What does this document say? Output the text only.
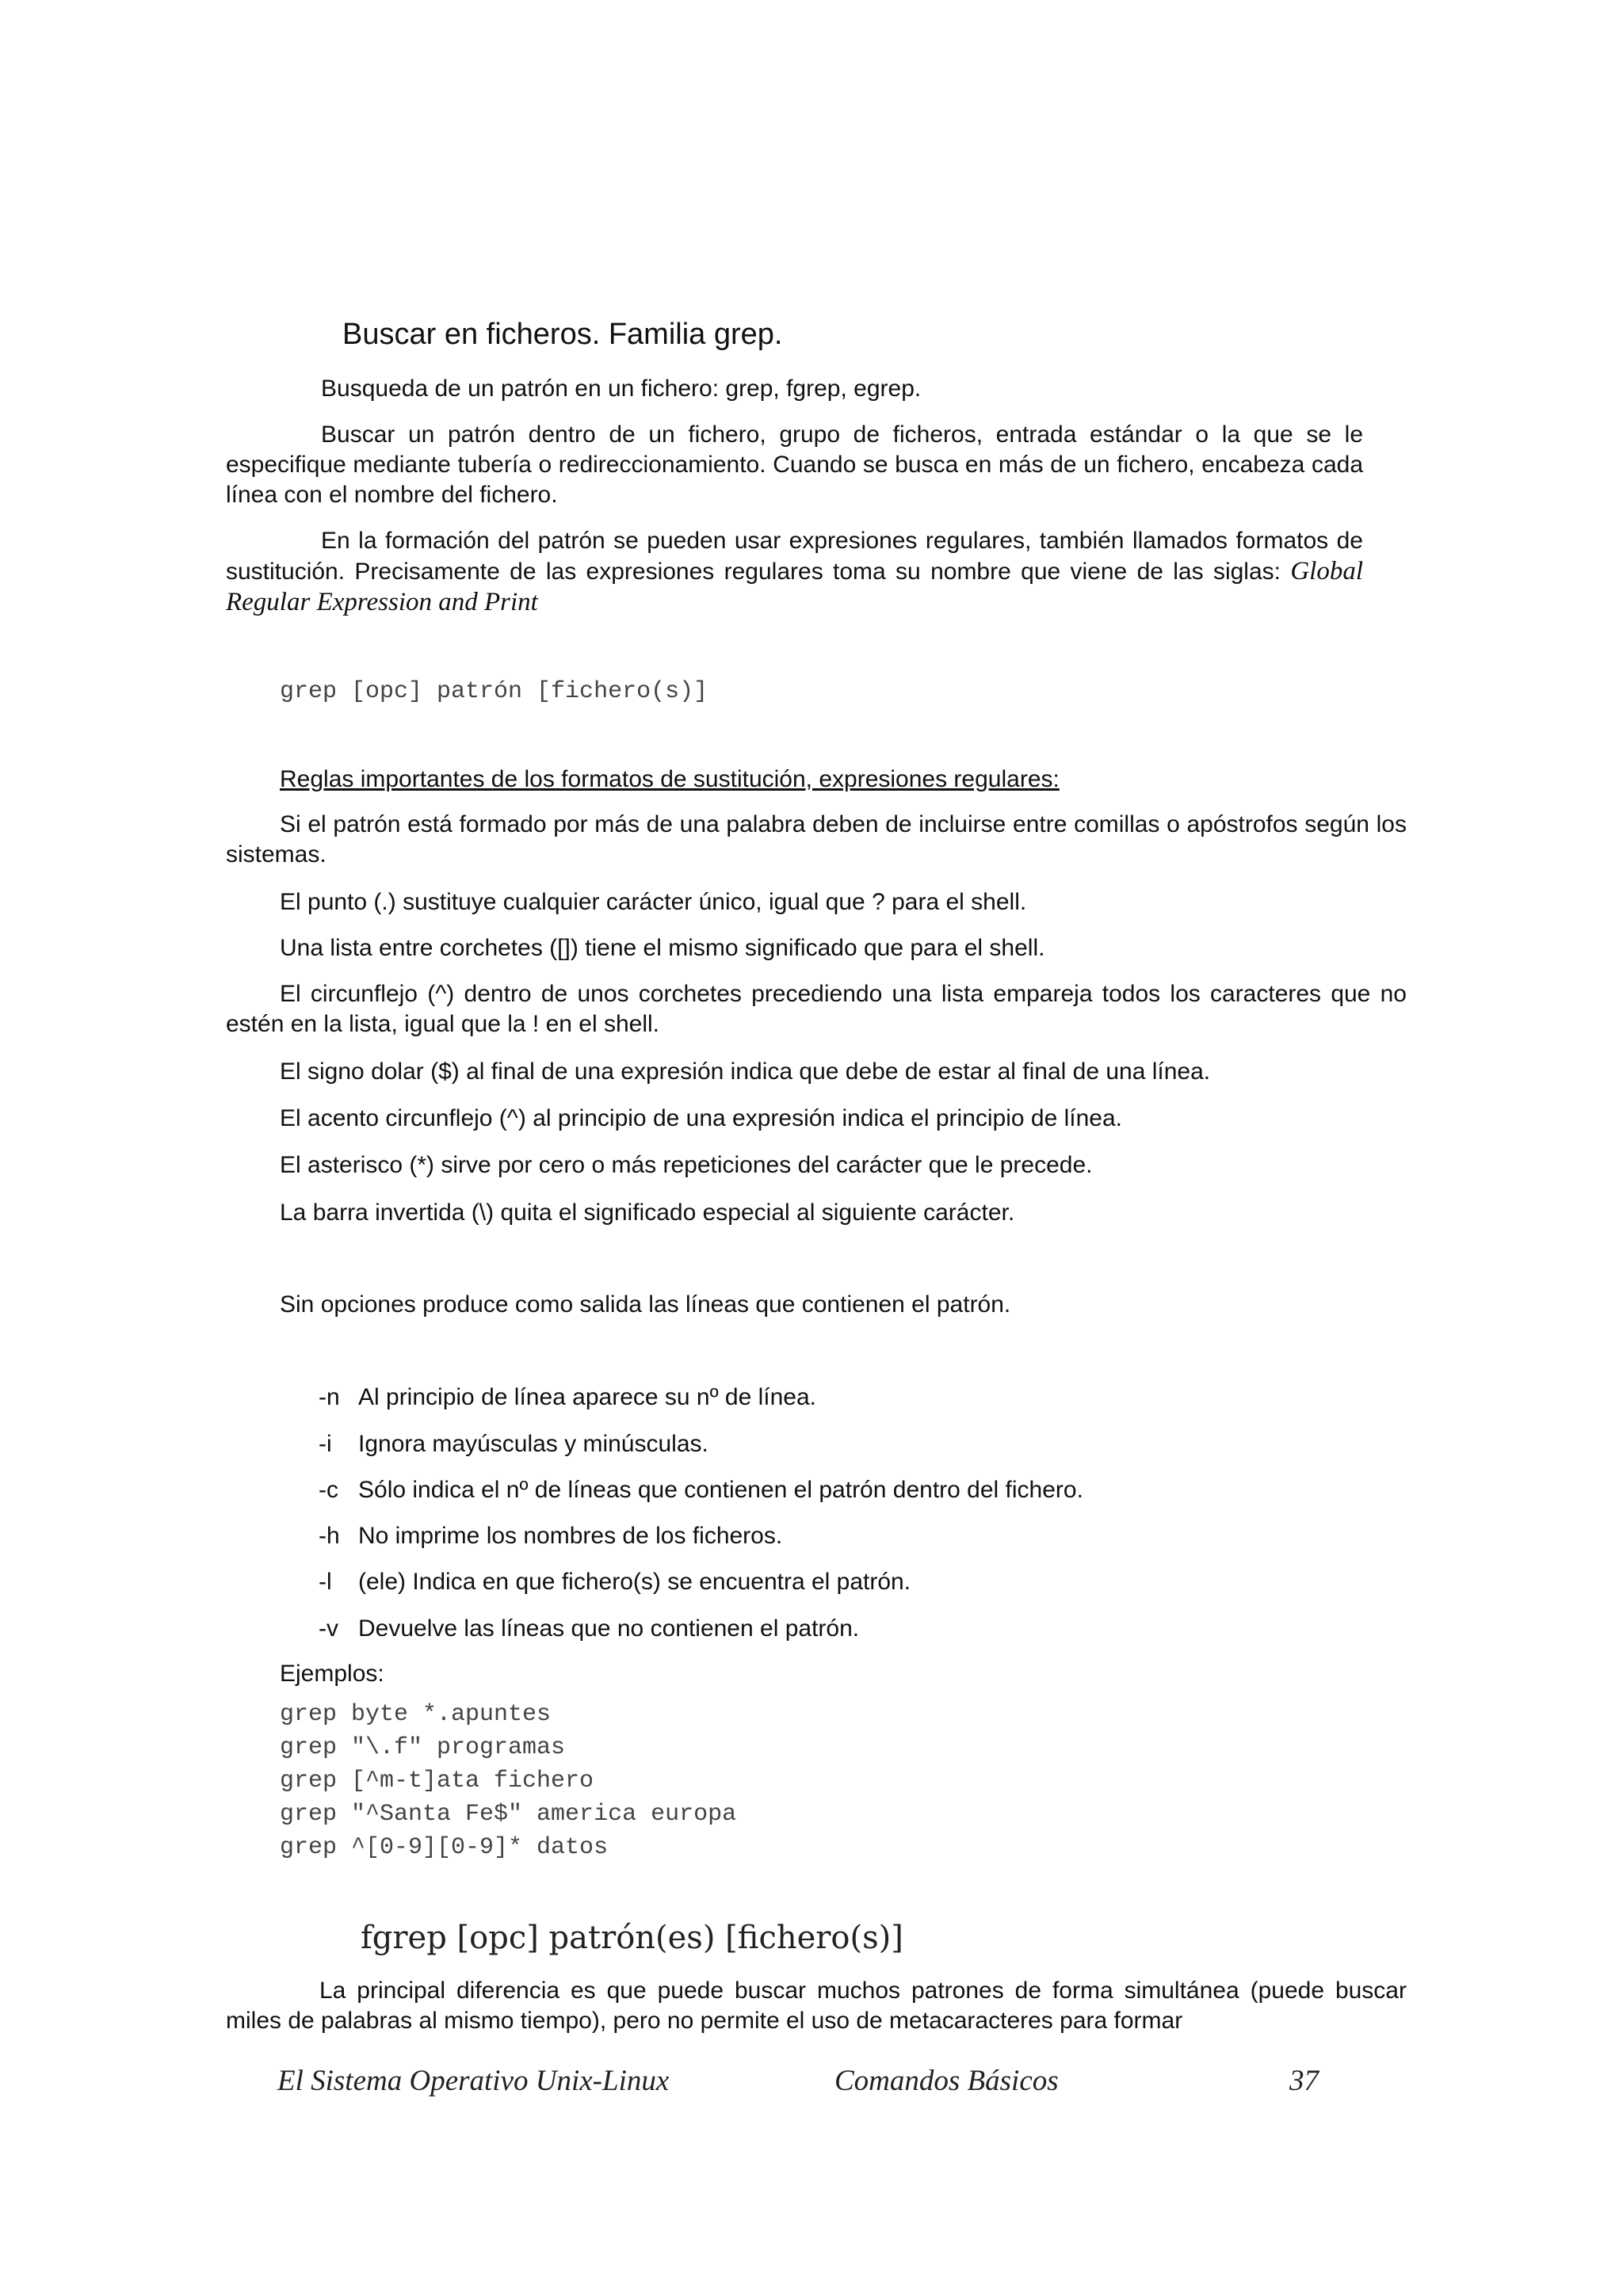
Buscar en ficheros. Familia grep.
Busqueda de un patrón en un fichero: grep, fgrep, egrep.

Buscar un patrón dentro de un fichero, grupo de ficheros, entrada estándar o la que se le especifique mediante tubería o redireccionamiento. Cuando se busca en más de un fichero, encabeza cada línea con el nombre del fichero.

En la formación del patrón se pueden usar expresiones regulares, también llamados formatos de sustitución. Precisamente de las expresiones regulares toma su nombre que viene de las siglas: Global Regular Expression and Print

grep [opc] patrón [fichero(s)]
Reglas importantes de los formatos de sustitución, expresiones regulares:

Si el patrón está formado por más de una palabra deben de incluirse entre comillas o apóstrofos según los sistemas.

El punto (.) sustituye cualquier carácter único, igual que ? para el shell.

Una lista entre corchetes ([]) tiene el mismo significado que para el shell.

El circunflejo (^) dentro de unos corchetes precediendo una lista empareja todos los caracteres que no estén en la lista, igual que la ! en el shell.

El signo dolar ($) al final de una expresión indica que debe de estar al final de una línea.

El acento circunflejo (^) al principio de una expresión indica el principio de línea.

El asterisco (*) sirve por cero o más repeticiones del carácter que le precede.

La barra invertida (\) quita el significado especial al siguiente carácter.

Sin opciones produce como salida las líneas que contienen el patrón.
-n Al principio de línea aparece su nº de línea.
-i Ignora mayúsculas y minúsculas.
-c Sólo indica el nº de líneas que contienen el patrón dentro del fichero.
-h No imprime los nombres de los ficheros.
-l (ele) Indica en que fichero(s) se encuentra el patrón.
-v Devuelve las líneas que no contienen el patrón.
Ejemplos:
grep byte *.apuntes
grep "\.f" programas
grep [^m-t]ata fichero
grep "^Santa Fe$" america europa
grep ^[0-9][0-9]* datos
fgrep [opc] patrón(es) [fichero(s)]

La principal diferencia es que puede buscar muchos patrones de forma simultánea (puede buscar miles de palabras al mismo tiempo), pero no permite el uso de metacaracteres para formar

El Sistema Operativo Unix-Linux	Comandos Básicos	37
